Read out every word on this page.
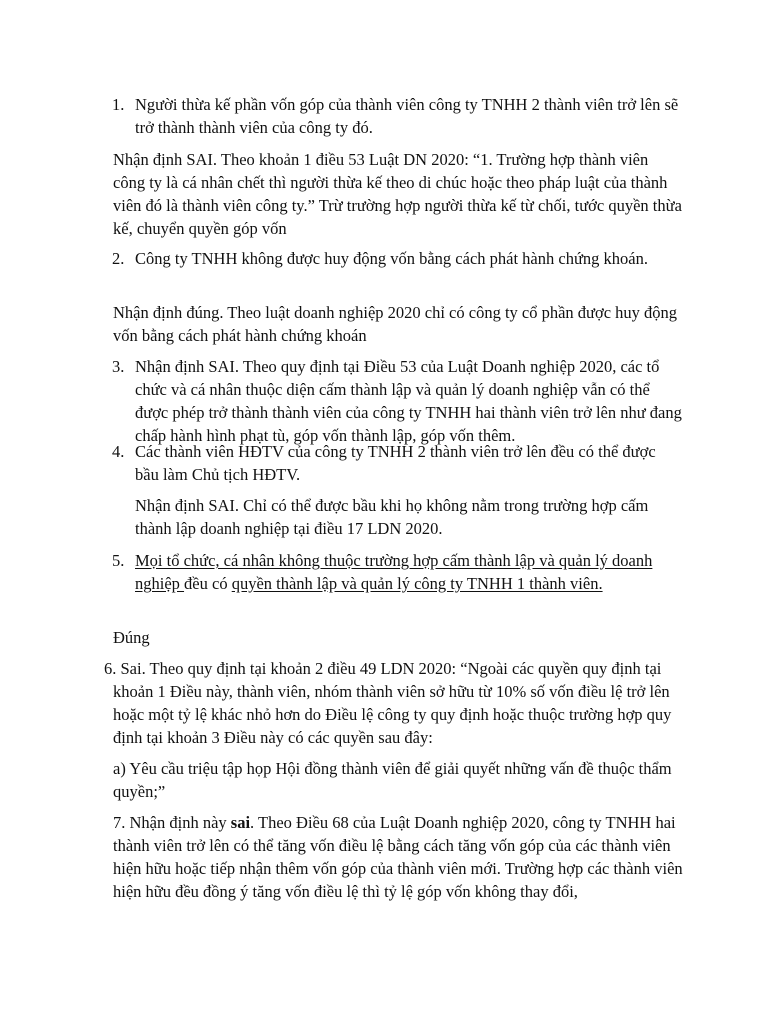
1. Người thừa kế phần vốn góp của thành viên công ty TNHH 2 thành viên trở lên sẽ trở thành thành viên của công ty đó.
Nhận định SAI. Theo khoản 1 điều 53 Luật DN 2020: “1. Trường hợp thành viên công ty là cá nhân chết thì người thừa kế theo di chúc hoặc theo pháp luật của thành viên đó là thành viên công ty.” Trừ trường hợp người thừa kế từ chối, tước quyền thừa kế, chuyển quyền góp vốn
2. Công ty TNHH không được huy động vốn bằng cách phát hành chứng khoán.
Nhận định đúng. Theo luật doanh nghiệp 2020 chỉ có công ty cổ phần được huy động vốn bằng cách phát hành chứng khoán
3. Nhận định SAI. Theo quy định tại Điều 53 của Luật Doanh nghiệp 2020, các tổ chức và cá nhân thuộc diện cấm thành lập và quản lý doanh nghiệp vẫn có thể được phép trở thành thành viên của công ty TNHH hai thành viên trở lên như đang chấp hành hình phạt tù, góp vốn thành lập, góp vốn thêm.
4. Các thành viên HĐTV của công ty TNHH 2 thành viên trở lên đều có thể được bầu làm Chủ tịch HĐTV.
Nhận định SAI. Chỉ có thể được bầu khi họ không nằm trong trường hợp cấm thành lập doanh nghiệp tại điều 17 LDN 2020.
5. Mọi tổ chức, cá nhân không thuộc trường hợp cấm thành lập và quản lý doanh nghiệp đều có quyền thành lập và quản lý công ty TNHH 1 thành viên.
Đúng
6. Sai. Theo quy định tại khoản 2 điều 49 LDN 2020: “Ngoài các quyền quy định tại khoản 1 Điều này, thành viên, nhóm thành viên sở hữu từ 10% số vốn điều lệ trở lên hoặc một tỷ lệ khác nhỏ hơn do Điều lệ công ty quy định hoặc thuộc trường hợp quy định tại khoản 3 Điều này có các quyền sau đây:
a) Yêu cầu triệu tập họp Hội đồng thành viên để giải quyết những vấn đề thuộc thẩm quyền;”
7. Nhận định này sai. Theo Điều 68 của Luật Doanh nghiệp 2020, công ty TNHH hai thành viên trở lên có thể tăng vốn điều lệ bằng cách tăng vốn góp của các thành viên hiện hữu hoặc tiếp nhận thêm vốn góp của thành viên mới. Trường hợp các thành viên hiện hữu đều đồng ý tăng vốn điều lệ thì tỷ lệ góp vốn không thay đổi,
